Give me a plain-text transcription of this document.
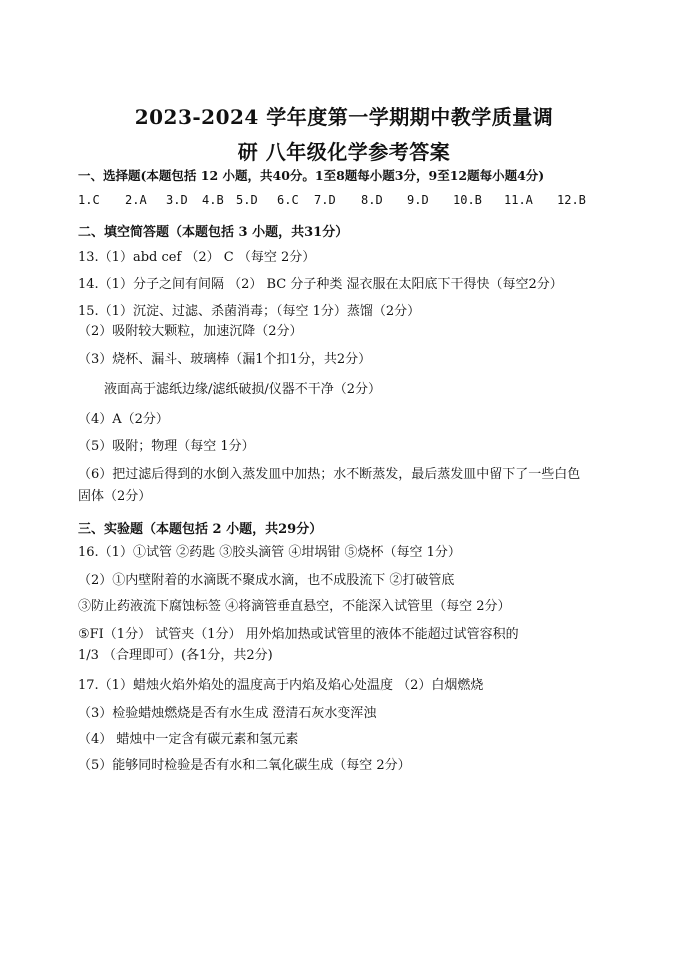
2023-2024 学年度第一学期期中教学质量调
研 八年级化学参考答案
一、选择题(本题包括 12 小题，共40分。1至8题每小题3分，9至12题每小题4分)
1.C 2.A 3.D 4.B 5.D 6.C 7.D 8.D 9.D 10.B 11.A 12.B
二、填空简答题（本题包括 3 小题，共31分）
13.（1）abd cef （2） C （每空 2分）
14.（1）分子之间有间隔 （2） BC 分子种类 湿衣服在太阳底下干得快（每空2分）
15.（1）沉淀、过滤、杀菌消毒；（每空 1分）蒸馏（2分）
（2）吸附较大颗粒，加速沉降（2分）
（3）烧杯、漏斗、玻璃棒（漏1个扣1分，共2分）
液面高于滤纸边缘/滤纸破损/仪器不干净（2分）
（4）A（2分）
（5）吸附；物理（每空 1分）
（6）把过滤后得到的水倒入蒸发皿中加热；水不断蒸发，最后蒸发皿中留下了一些白色
固体（2分）
三、实验题（本题包括 2 小题，共29分）
16.（1）①试管 ②药匙 ③胶头滴管 ④坩埚钳 ⑤烧杯（每空 1分）
（2）①内壁附着的水滴既不聚成水滴，也不成股流下 ②打破管底
③防止药液流下腐蚀标签 ④将滴管垂直悬空，不能深入试管里（每空 2分）
⑤FI（1分） 试管夹（1分） 用外焰加热或试管里的液体不能超过试管容积的
1/3 （合理即可）(各1分，共2分)
17.（1）蜡烛火焰外焰处的温度高于内焰及焰心处温度 （2）白烟燃烧
（3）检验蜡烛燃烧是否有水生成 澄清石灰水变浑浊
（4） 蜡烛中一定含有碳元素和氢元素
（5）能够同时检验是否有水和二氧化碳生成（每空 2分）
